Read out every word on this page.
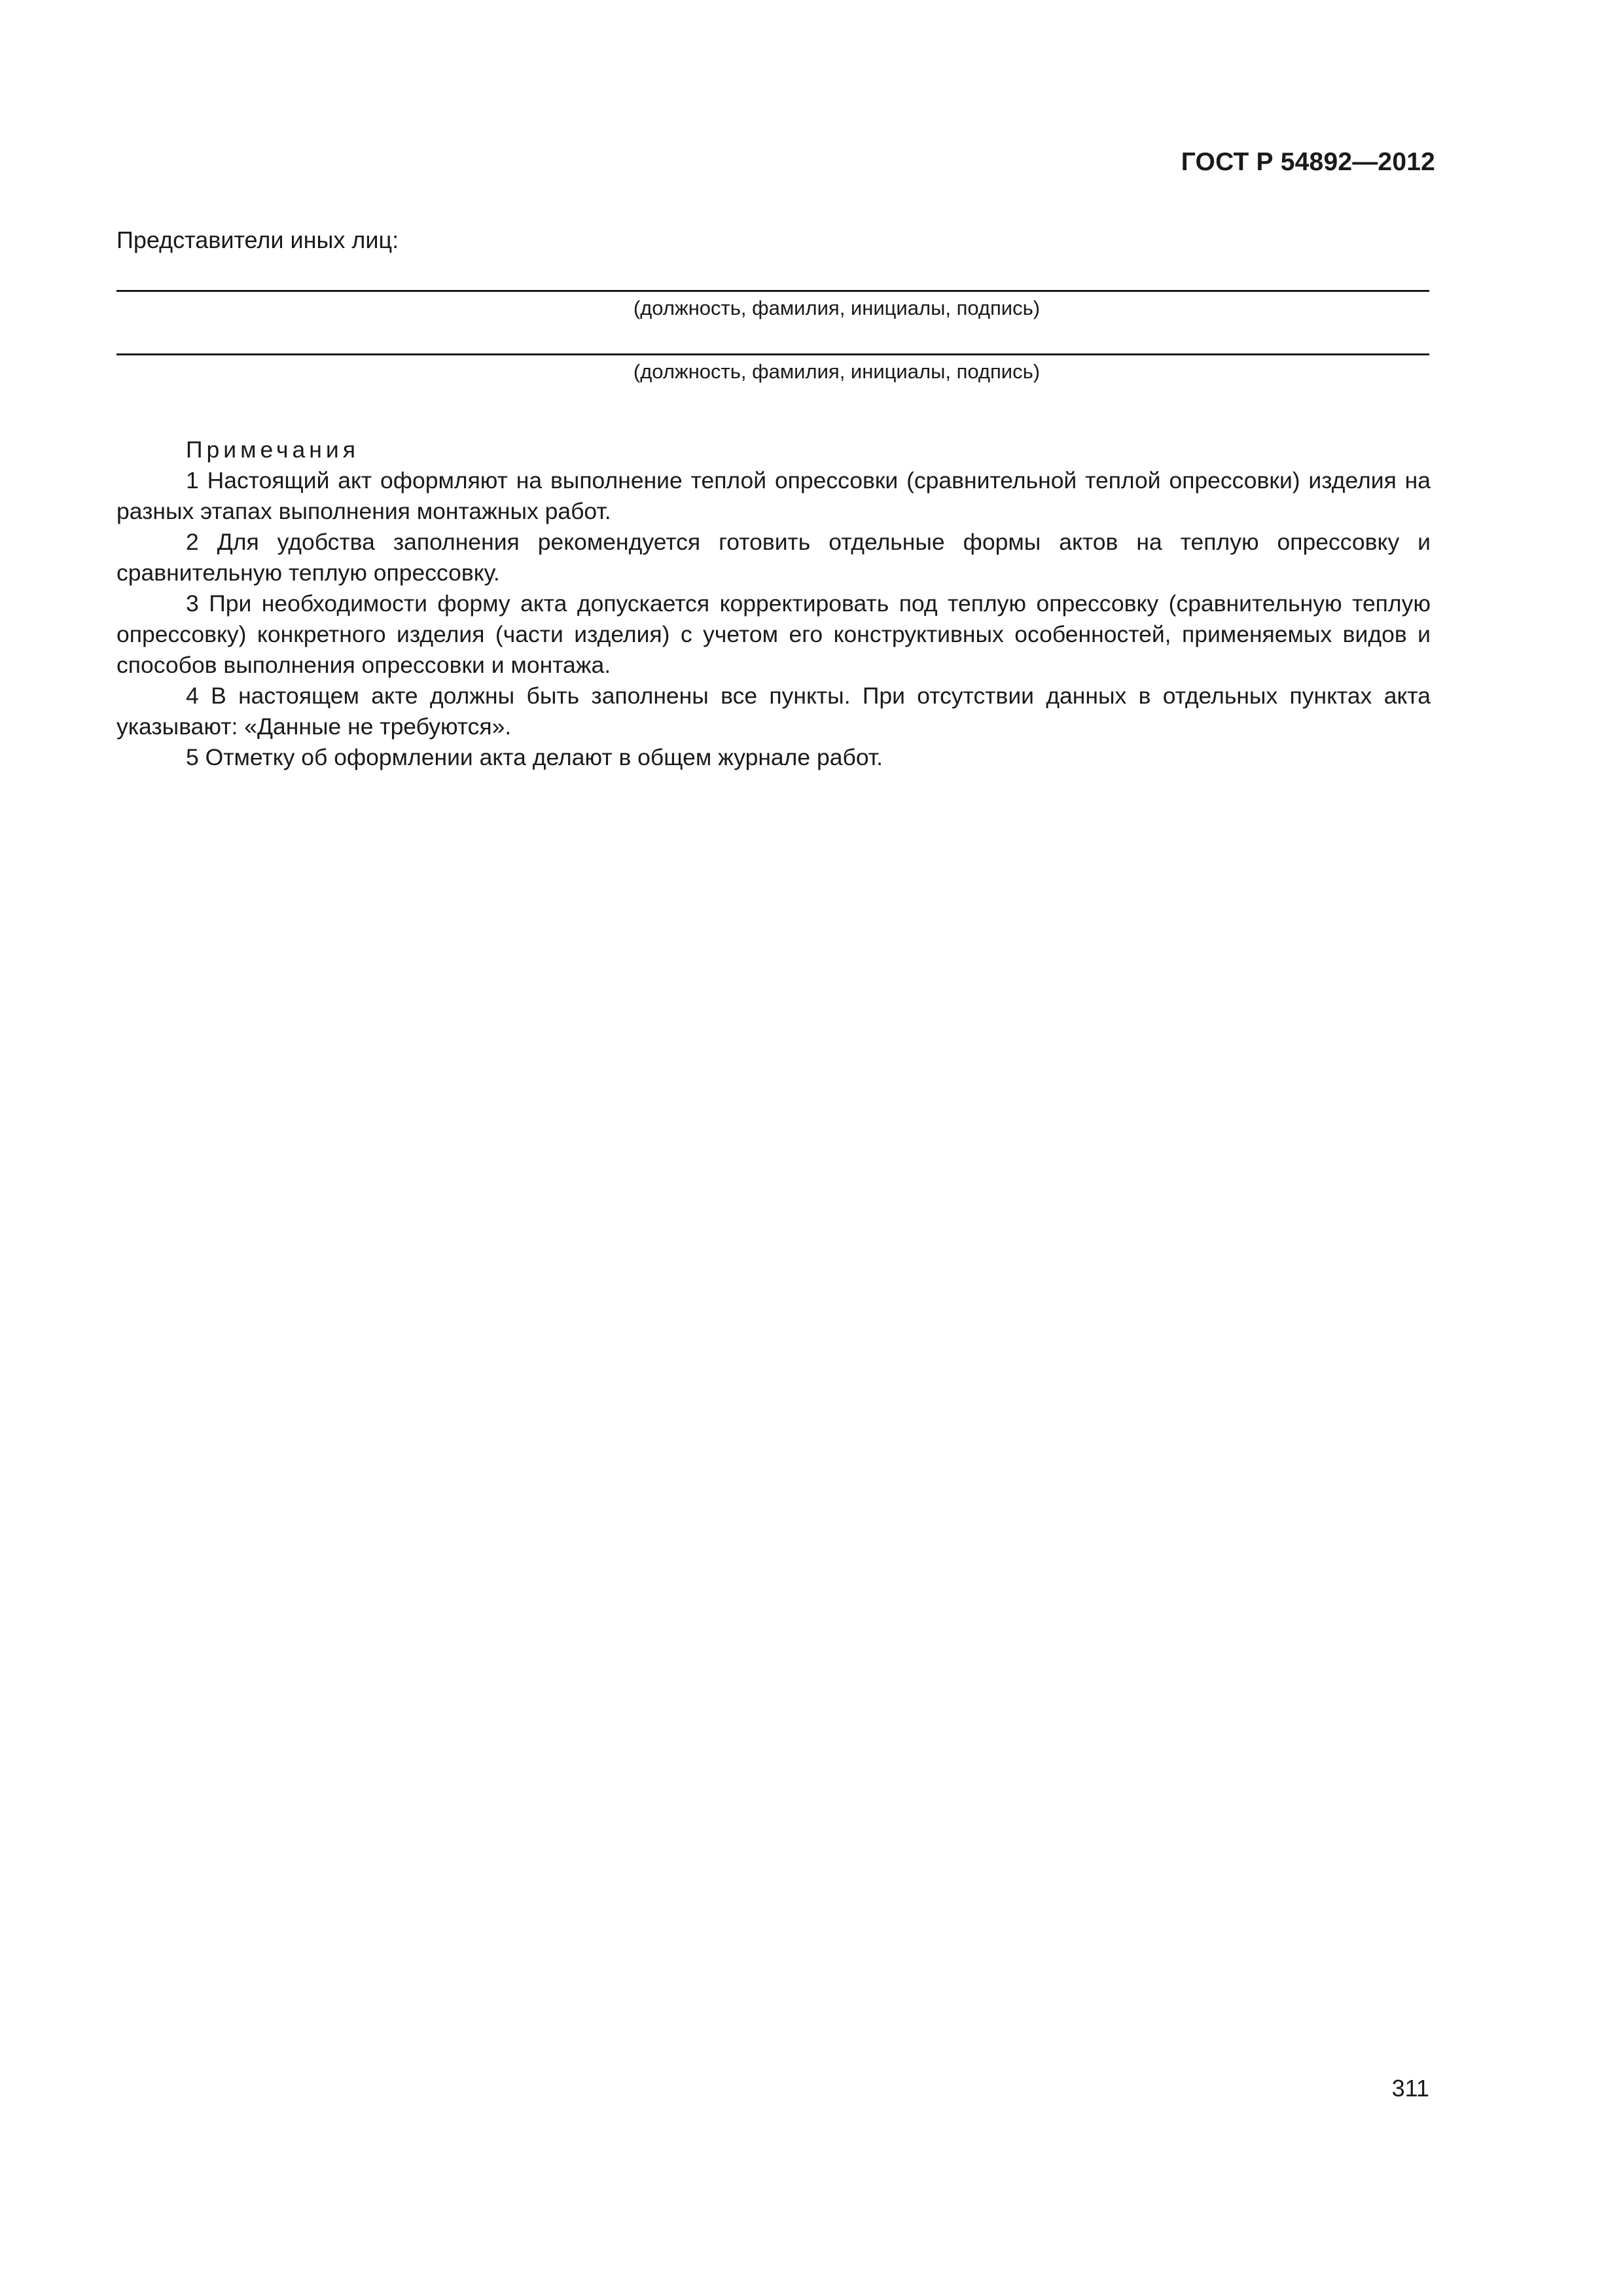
ГОСТ Р 54892—2012
Представители иных лиц:
(должность, фамилия, инициалы, подпись)
(должность, фамилия, инициалы, подпись)
Примечания

1 Настоящий акт оформляют на выполнение теплой опрессовки (сравнительной теплой опрессовки) изделия на разных этапах выполнения монтажных работ.

2 Для удобства заполнения рекомендуется готовить отдельные формы актов на теплую опрессовку и сравнительную теплую опрессовку.

3 При необходимости форму акта допускается корректировать под теплую опрессовку (сравнительную теплую опрессовку) конкретного изделия (части изделия) с учетом его конструктивных особенностей, применяемых видов и способов выполнения опрессовки и монтажа.

4 В настоящем акте должны быть заполнены все пункты. При отсутствии данных в отдельных пунктах акта указывают: «Данные не требуются».

5 Отметку об оформлении акта делают в общем журнале работ.

311
